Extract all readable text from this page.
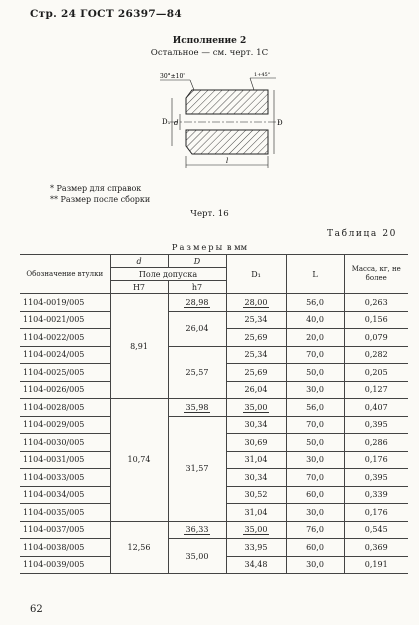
Стр. 24 ГОСТ 26397—84
Исполнение 2
Остальное — см. черт. 1С
30°±10'	1+45°
D₁ d	D
l
* Размер для справок
** Размер после сборки
Черт. 16
Таблица 20
Размеры в мм
Обозначение втулки	d	D	D₁	L	Масса, кг, не более
	Поле допуска				
	H7	h7			
1104-0019/005	8,91	28,98	28,00	56,0	0,263
1104-0021/005		26,04	25,34	40,0	0,156
1104-0022/005			25,69	20,0	0,079
1104-0024/005		25,57	25,34	70,0	0,282
1104-0025/005			25,69	50,0	0,205
1104-0026/005			26,04	30,0	0,127
1104-0028/005	10,74	35,98	35,00	56,0	0,407
1104-0029/005		31,57	30,34	70,0	0,395
1104-0030/005			30,69	50,0	0,286
1104-0031/005			31,04	30,0	0,176
1104-0033/005			30,34	70,0	0,395
1104-0034/005			30,52	60,0	0,339
1104-0035/005			31,04	30,0	0,176
1104-0037/005	12,56	36,33	35,00	76,0	0,545
1104-0038/005		35,00	33,95	60,0	0,369
1104-0039/005			34,48	30,0	0,191
62
